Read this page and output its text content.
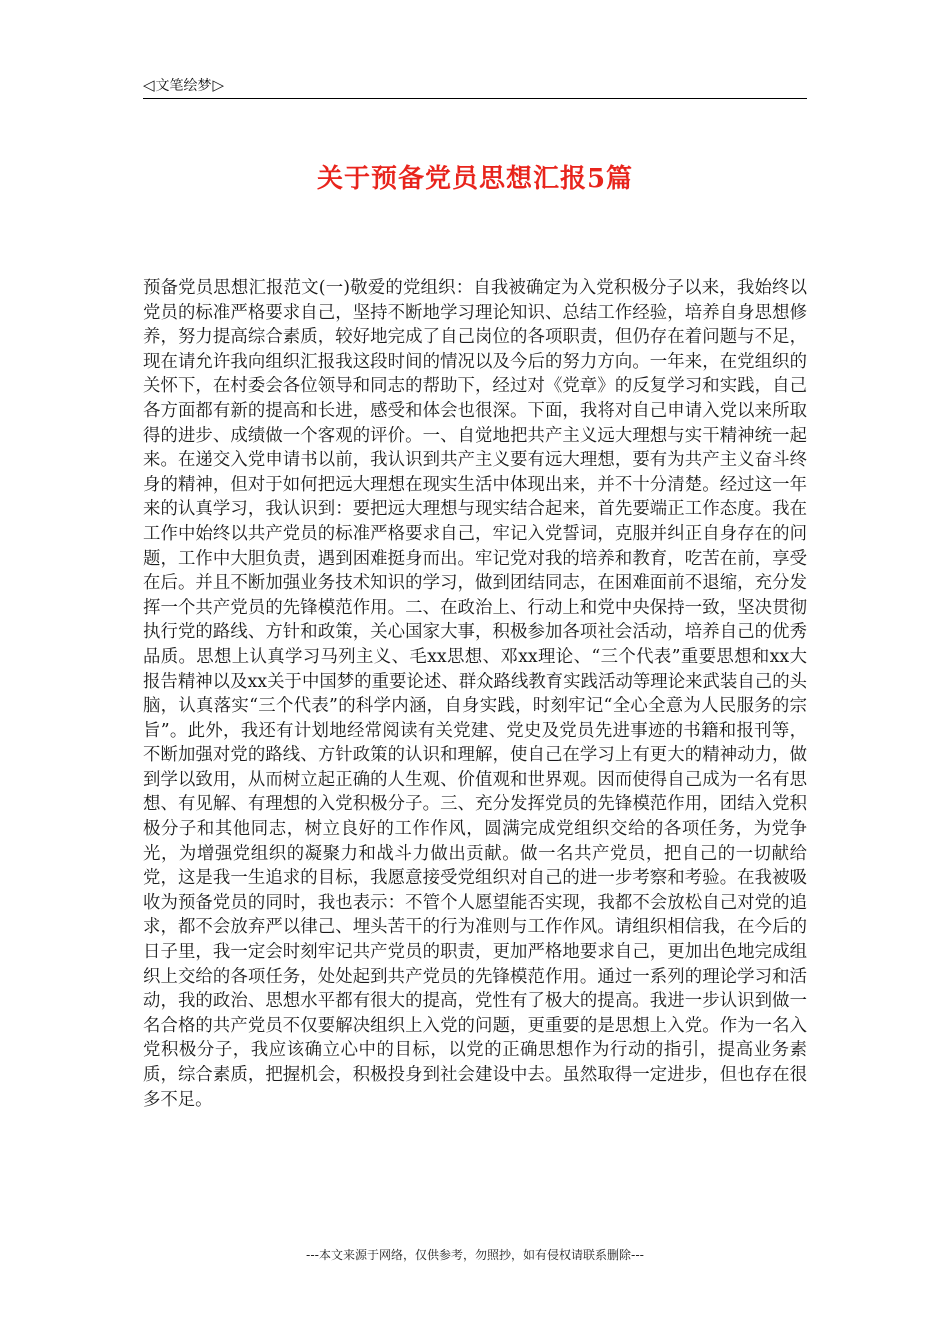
◁ 文笔绘梦 ▷
关于预备党员思想汇报5篇

预备党员思想汇报范文(一)敬爱的党组织：自我被确定为入党积极分子以来，我始终以党员的标准严格要求自己，坚持不断地学习理论知识、总结工作经验，培养自身思想修养，努力提高综合素质，较好地完成了自己岗位的各项职责，但仍存在着问题与不足，现在请允许我向组织汇报我这段时间的情况以及今后的努力方向。一年来，在党组织的关怀下，在村委会各位领导和同志的帮助下，经过对《党章》的反复学习和实践，自己各方面都有新的提高和长进，感受和体会也很深。下面，我将对自己申请入党以来所取得的进步、成绩做一个客观的评价。一、自觉地把共产主义远大理想与实干精神统一起来。在递交入党申请书以前，我认识到共产主义要有远大理想，要有为共产主义奋斗终身的精神，但对于如何把远大理想在现实生活中体现出来，并不十分清楚。经过这一年来的认真学习，我认识到：要把远大理想与现实结合起来，首先要端正工作态度。我在工作中始终以共产党员的标准严格要求自己，牢记入党誓词，克服并纠正自身存在的问题，工作中大胆负责，遇到困难挺身而出。牢记党对我的培养和教育，吃苦在前，享受在后。并且不断加强业务技术知识的学习，做到团结同志，在困难面前不退缩，充分发挥一个共产党员的先锋模范作用。二、在政治上、行动上和党中央保持一致，坚决贯彻执行党的路线、方针和政策，关心国家大事，积极参加各项社会活动，培养自己的优秀品质。思想上认真学习马列主义、毛xx思想、邓xx理论、“三个代表”重要思想和xx大报告精神以及xx关于中国梦的重要论述、群众路线教育实践活动等理论来武装自己的头脑，认真落实“三个代表”的科学内涵，自身实践，时刻牢记“全心全意为人民服务的宗旨”。此外，我还有计划地经常阅读有关党建、党史及党员先进事迹的书籍和报刊等，不断加强对党的路线、方针政策的认识和理解，使自己在学习上有更大的精神动力，做到学以致用，从而树立起正确的人生观、价值观和世界观。因而使得自己成为一名有思想、有见解、有理想的入党积极分子。三、充分发挥党员的先锋模范作用，团结入党积极分子和其他同志，树立良好的工作作风，圆满完成党组织交给的各项任务，为党争光，为增强党组织的凝聚力和战斗力做出贡献。做一名共产党员，把自己的一切献给党，这是我一生追求的目标，我愿意接受党组织对自己的进一步考察和考验。在我被吸收为预备党员的同时，我也表示：不管个人愿望能否实现，我都不会放松自己对党的追求，都不会放弃严以律己、埋头苦干的行为准则与工作作风。请组织相信我，在今后的日子里，我一定会时刻牢记共产党员的职责，更加严格地要求自己，更加出色地完成组织上交给的各项任务，处处起到共产党员的先锋模范作用。通过一系列的理论学习和活动，我的政治、思想水平都有很大的提高，党性有了极大的提高。我进一步认识到做一名合格的共产党员不仅要解决组织上入党的问题，更重要的是思想上入党。作为一名入党积极分子，我应该确立心中的目标，以党的正确思想作为行动的指引，提高业务素质，综合素质，把握机会，积极投身到社会建设中去。虽然取得一定进步，但也存在很多不足。

---本文来源于网络，仅供参考，勿照抄，如有侵权请联系删除---
